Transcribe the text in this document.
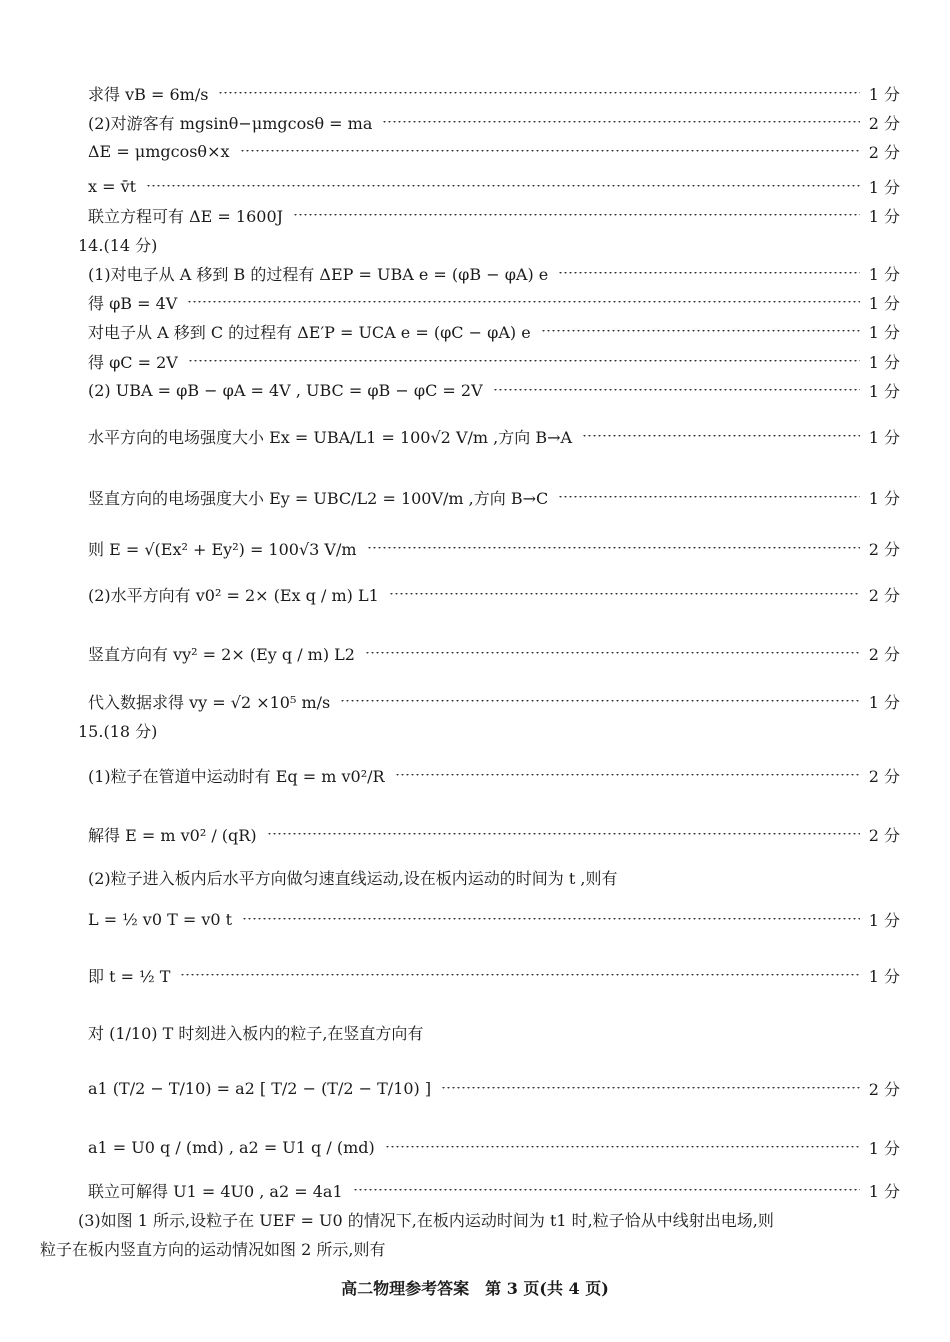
求得 vB = 6m/s	1 分
(2)对游客有 mgsinθ−μmgcosθ = ma	2 分
ΔE = μmgcosθ×x	2 分
x = v̄t	1 分
联立方程可有 ΔE = 1600J	1 分
14.(14 分)
(1)对电子从 A 移到 B 的过程有 ΔEP = UBA e = (φB − φA) e	1 分
得 φB = 4V	1 分
对电子从 A 移到 C 的过程有 ΔE′P = UCA e = (φC − φA) e	1 分
得 φC = 2V	1 分
(2) UBA = φB − φA = 4V , UBC = φB − φC = 2V	1 分
水平方向的电场强度大小 Ex = UBA/L1 = 100√2 V/m ,方向 B→A	1 分
竖直方向的电场强度大小 Ey = UBC/L2 = 100V/m ,方向 B→C	1 分
则 E = √(Ex² + Ey²) = 100√3 V/m	2 分
(2)水平方向有 v0² = 2× (Ex q / m) L1	2 分
竖直方向有 vy² = 2× (Ey q / m) L2	2 分
代入数据求得 vy = √2 ×10⁵ m/s	1 分
15.(18 分)
(1)粒子在管道中运动时有 Eq = m v0²/R	2 分
解得 E = m v0² / (qR)	2 分
(2)粒子进入板内后水平方向做匀速直线运动,设在板内运动的时间为 t ,则有
L = ½ v0 T = v0 t	1 分
即 t = ½ T	1 分
对 (1/10) T 时刻进入板内的粒子,在竖直方向有
a1 (T/2 − T/10) = a2 [ T/2 − (T/2 − T/10) ]	2 分
a1 = U0 q / (md) , a2 = U1 q / (md)	1 分
联立可解得 U1 = 4U0 , a2 = 4a1	1 分
(3)如图 1 所示,设粒子在 UEF = U0 的情况下,在板内运动时间为 t1 时,粒子恰从中线射出电场,则
粒子在板内竖直方向的运动情况如图 2 所示,则有
高二物理参考答案　第 3 页(共 4 页)
